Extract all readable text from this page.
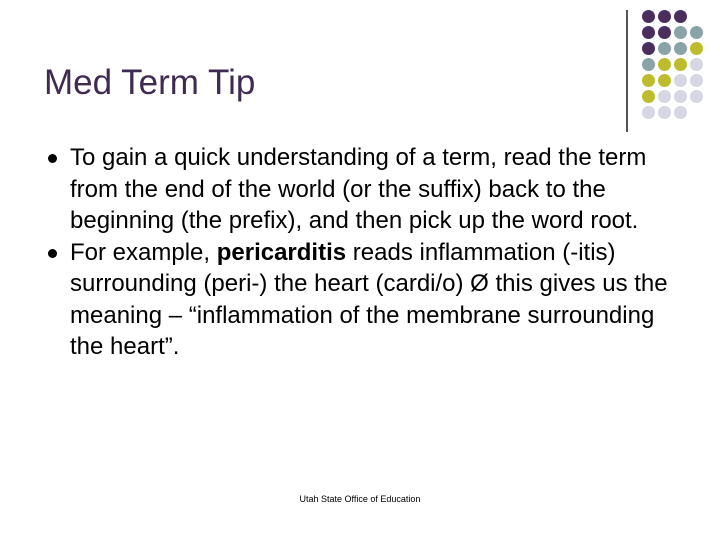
Med Term Tip
To gain a quick understanding of a term, read the term from the end of the world (or the suffix) back to the beginning (the prefix), and then pick up the word root.
For example, pericarditis reads inflammation (-itis) surrounding (peri-) the heart (cardi/o) Ø this gives us the meaning – “inflammation of the membrane surrounding the heart”.
Utah State Office of Education
